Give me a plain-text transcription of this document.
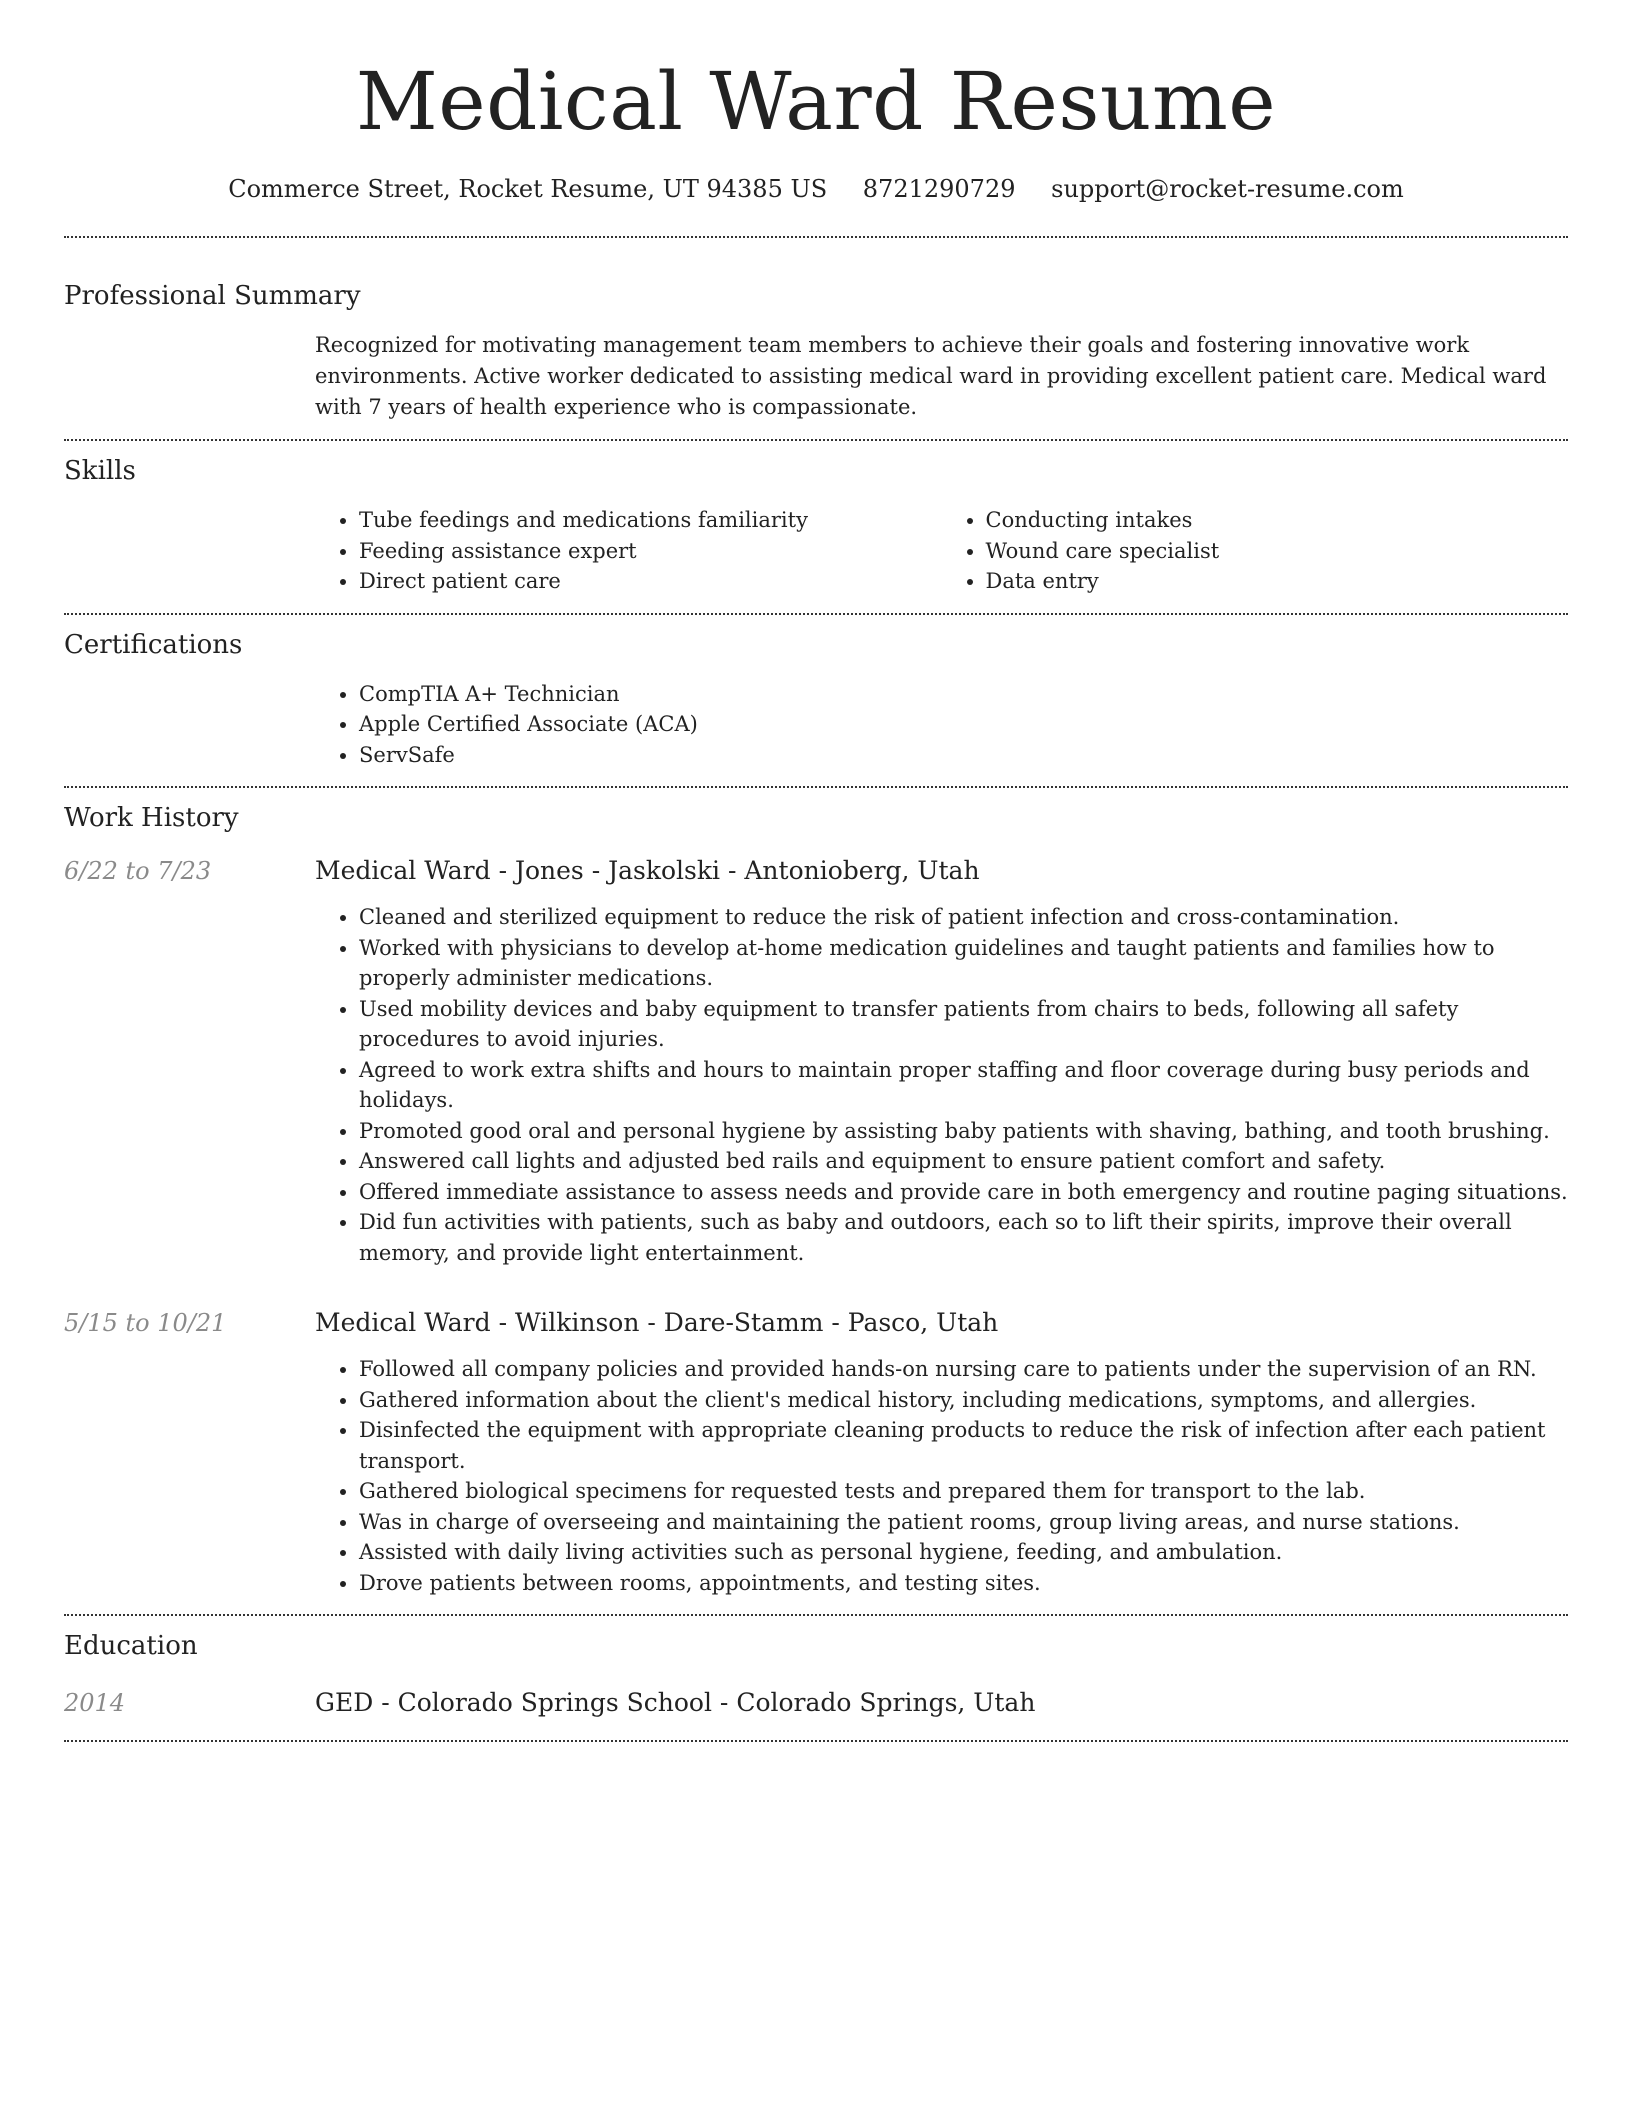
Medical Ward Resume
Commerce Street, Rocket Resume, UT 94385 US 8721290729 support@rocket-resume.com
Professional Summary
Recognized for motivating management team members to achieve their goals and fostering innovative work environments. Active worker dedicated to assisting medical ward in providing excellent patient care. Medical ward with 7 years of health experience who is compassionate.
Skills
• Tube feedings and medications familiarity
• Feeding assistance expert
• Direct patient care
• Conducting intakes
• Wound care specialist
• Data entry
Certifications
• CompTIA A+ Technician
• Apple Certified Associate (ACA)
• ServSafe
Work History
6/22 to 7/23	Medical Ward - Jones - Jaskolski - Antonioberg, Utah
• Cleaned and sterilized equipment to reduce the risk of patient infection and cross-contamination.
• Worked with physicians to develop at-home medication guidelines and taught patients and families how to properly administer medications.
• Used mobility devices and baby equipment to transfer patients from chairs to beds, following all safety procedures to avoid injuries.
• Agreed to work extra shifts and hours to maintain proper staffing and floor coverage during busy periods and holidays.
• Promoted good oral and personal hygiene by assisting baby patients with shaving, bathing, and tooth brushing.
• Answered call lights and adjusted bed rails and equipment to ensure patient comfort and safety.
• Offered immediate assistance to assess needs and provide care in both emergency and routine paging situations.
• Did fun activities with patients, such as baby and outdoors, each so to lift their spirits, improve their overall memory, and provide light entertainment.
5/15 to 10/21	Medical Ward - Wilkinson - Dare-Stamm - Pasco, Utah
• Followed all company policies and provided hands-on nursing care to patients under the supervision of an RN.
• Gathered information about the client's medical history, including medications, symptoms, and allergies.
• Disinfected the equipment with appropriate cleaning products to reduce the risk of infection after each patient transport.
• Gathered biological specimens for requested tests and prepared them for transport to the lab.
• Was in charge of overseeing and maintaining the patient rooms, group living areas, and nurse stations.
• Assisted with daily living activities such as personal hygiene, feeding, and ambulation.
• Drove patients between rooms, appointments, and testing sites.
Education
2014	GED - Colorado Springs School - Colorado Springs, Utah
